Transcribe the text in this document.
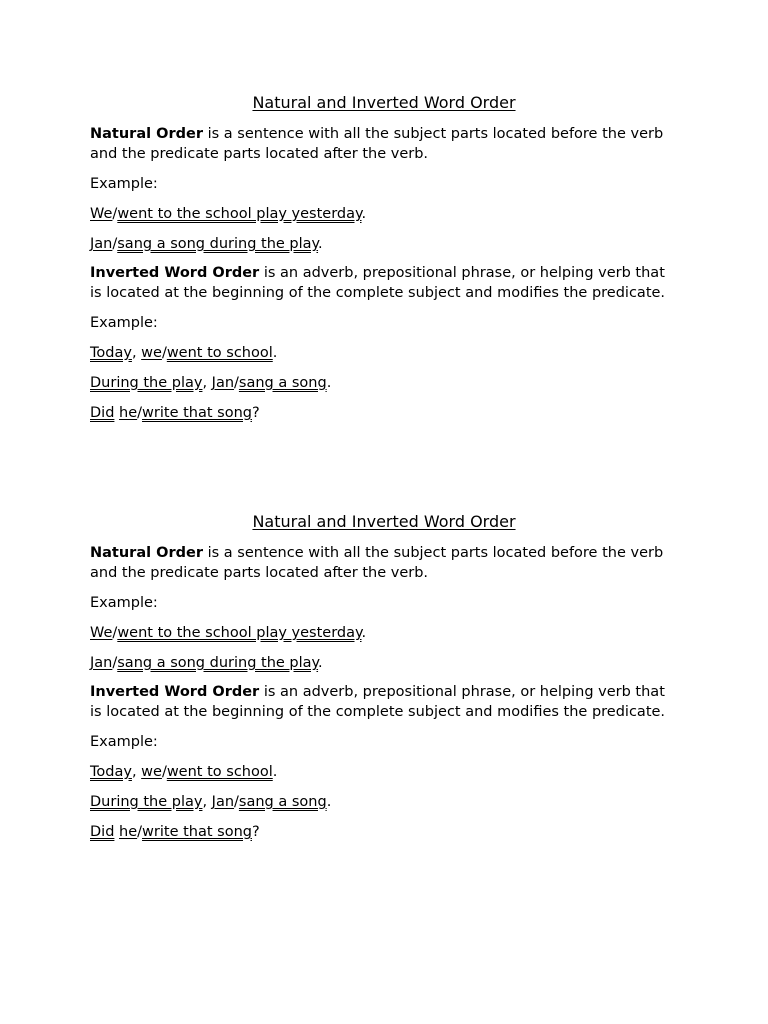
Natural and Inverted Word Order

Natural Order is a sentence with all the subject parts located before the verb and the predicate parts located after the verb.

Example:

We/went to the school play yesterday.

Jan/sang a song during the play.

Inverted Word Order is an adverb, prepositional phrase, or helping verb that is located at the beginning of the complete subject and modifies the predicate.

Example:

Today, we/went to school.

During the play, Jan/sang a song.

Did he/write that song?

Natural and Inverted Word Order

Natural Order is a sentence with all the subject parts located before the verb and the predicate parts located after the verb.

Example:

We/went to the school play yesterday.

Jan/sang a song during the play.

Inverted Word Order is an adverb, prepositional phrase, or helping verb that is located at the beginning of the complete subject and modifies the predicate.

Example:

Today, we/went to school.

During the play, Jan/sang a song.

Did he/write that song?
